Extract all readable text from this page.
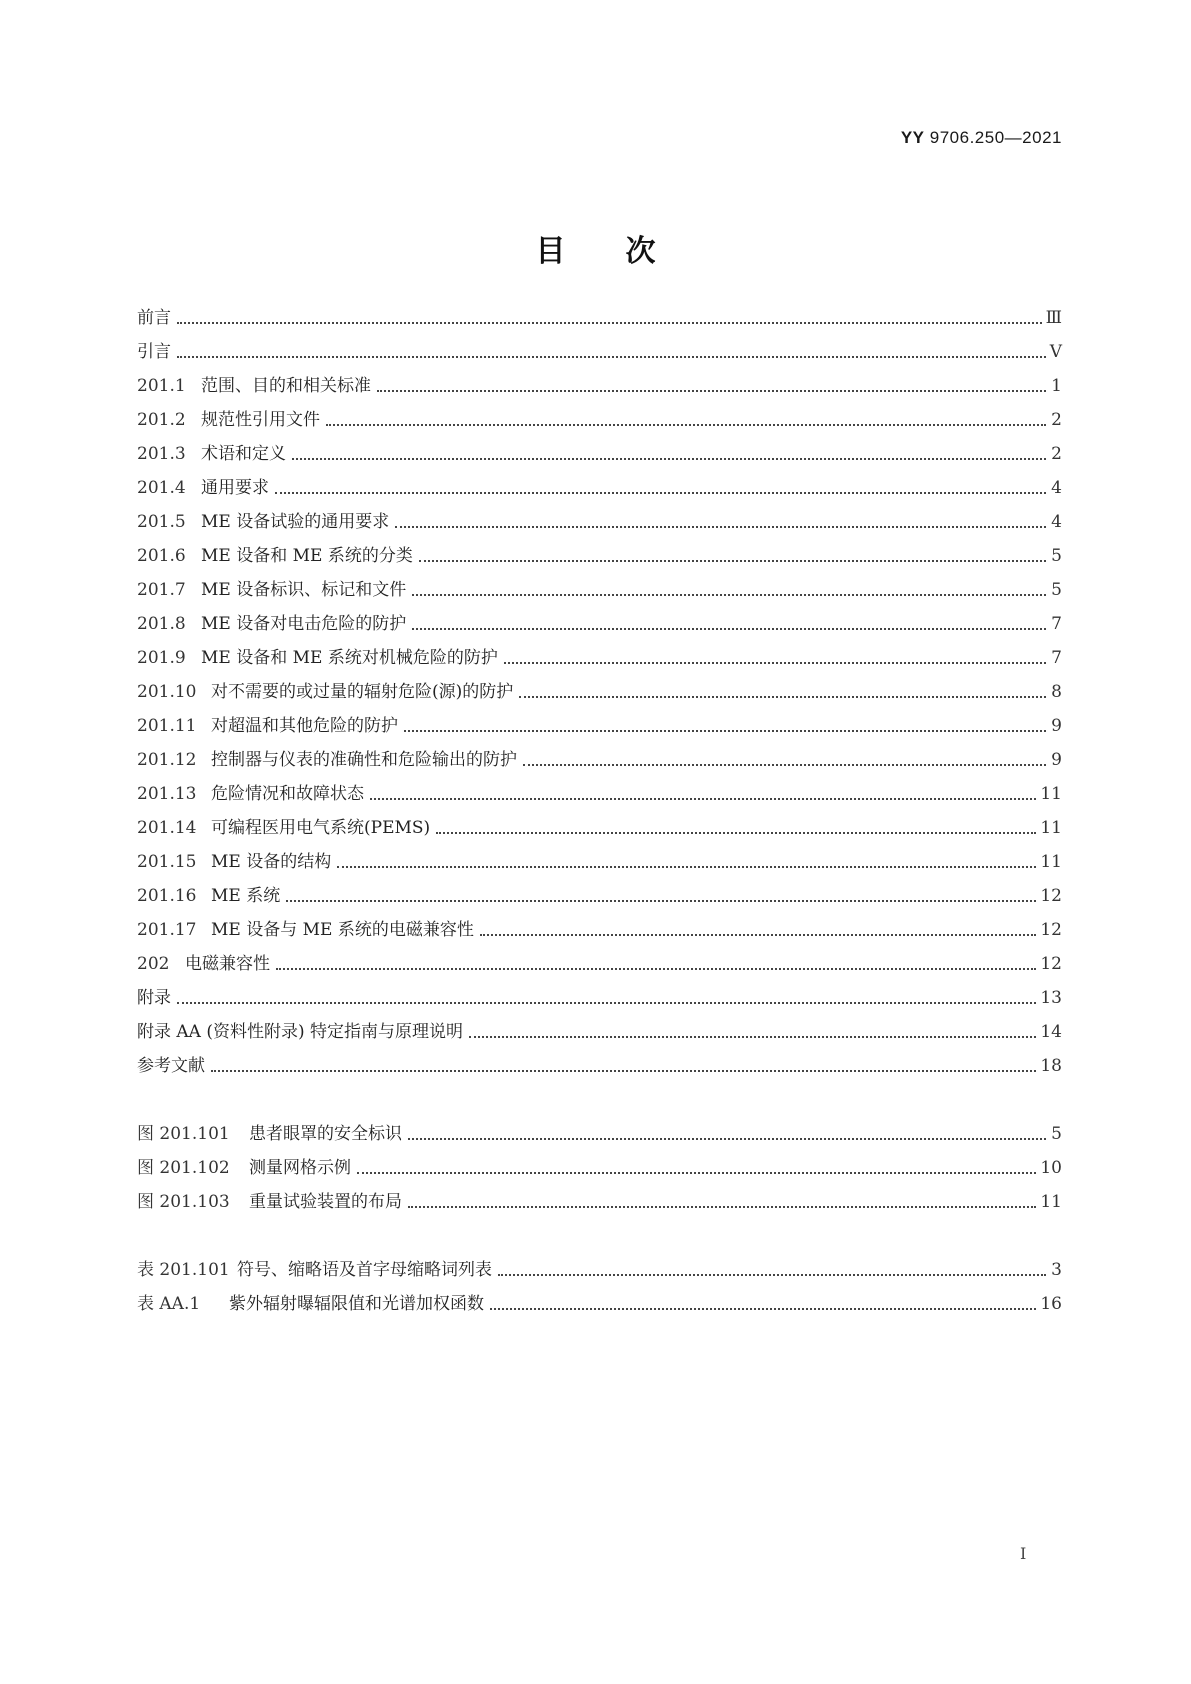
YY 9706.250—2021
目次
前言	Ⅲ
引言	Ⅴ
201.1 范围、目的和相关标准	1
201.2 规范性引用文件	2
201.3 术语和定义	2
201.4 通用要求	4
201.5 ME 设备试验的通用要求	4
201.6 ME 设备和 ME 系统的分类	5
201.7 ME 设备标识、标记和文件	5
201.8 ME 设备对电击危险的防护	7
201.9 ME 设备和 ME 系统对机械危险的防护	7
201.10 对不需要的或过量的辐射危险(源)的防护	8
201.11 对超温和其他危险的防护	9
201.12 控制器与仪表的准确性和危险输出的防护	9
201.13 危险情况和故障状态	11
201.14 可编程医用电气系统(PEMS)	11
201.15 ME 设备的结构	11
201.16 ME 系统	12
201.17 ME 设备与 ME 系统的电磁兼容性	12
202 电磁兼容性	12
附录	13
附录 AA (资料性附录) 特定指南与原理说明	14
参考文献	18
图 201.101	患者眼罩的安全标识	5
图 201.102	测量网格示例	10
图 201.103	重量试验装置的布局	11
表 201.101 符号、缩略语及首字母缩略词列表	3
表 AA.1	紫外辐射曝辐限值和光谱加权函数	16
I
